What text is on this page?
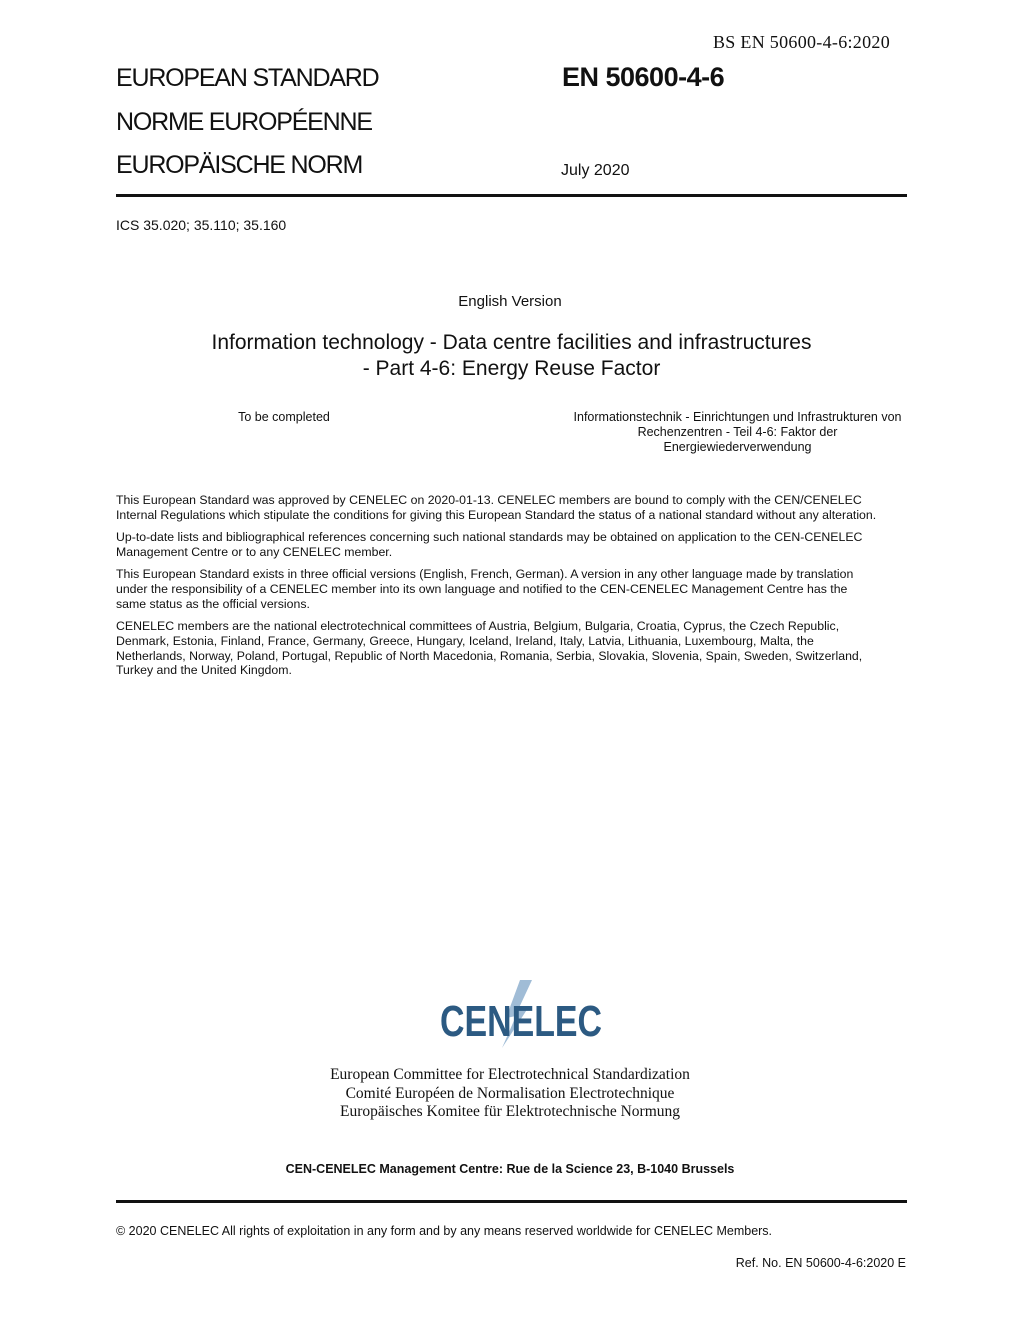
BS EN 50600-4-6:2020
EUROPEAN STANDARD
NORME EUROPÉENNE
EUROPÄISCHE NORM
EN 50600-4-6
July 2020
ICS 35.020; 35.110; 35.160
English Version
Information technology - Data centre facilities and infrastructures
- Part 4-6: Energy Reuse Factor
To be completed	Informationstechnik - Einrichtungen und Infrastrukturen von
Rechenzentren - Teil 4-6: Faktor der
Energiewiederverwendung
This European Standard was approved by CENELEC on 2020-01-13. CENELEC members are bound to comply with the CEN/CENELEC
Internal Regulations which stipulate the conditions for giving this European Standard the status of a national standard without any alteration.
Up-to-date lists and bibliographical references concerning such national standards may be obtained on application to the CEN-CENELEC
Management Centre or to any CENELEC member.
This European Standard exists in three official versions (English, French, German). A version in any other language made by translation
under the responsibility of a CENELEC member into its own language and notified to the CEN-CENELEC Management Centre has the
same status as the official versions.
CENELEC members are the national electrotechnical committees of Austria, Belgium, Bulgaria, Croatia, Cyprus, the Czech Republic,
Denmark, Estonia, Finland, France, Germany, Greece, Hungary, Iceland, Ireland, Italy, Latvia, Lithuania, Luxembourg, Malta, the
Netherlands, Norway, Poland, Portugal, Republic of North Macedonia, Romania, Serbia, Slovakia, Slovenia, Spain, Sweden, Switzerland,
Turkey and the United Kingdom.
CENELEC
European Committee for Electrotechnical Standardization
Comité Européen de Normalisation Electrotechnique
Europäisches Komitee für Elektrotechnische Normung
CEN-CENELEC Management Centre: Rue de la Science 23, B-1040 Brussels
© 2020 CENELEC All rights of exploitation in any form and by any means reserved worldwide for CENELEC Members.
Ref. No. EN 50600-4-6:2020 E
